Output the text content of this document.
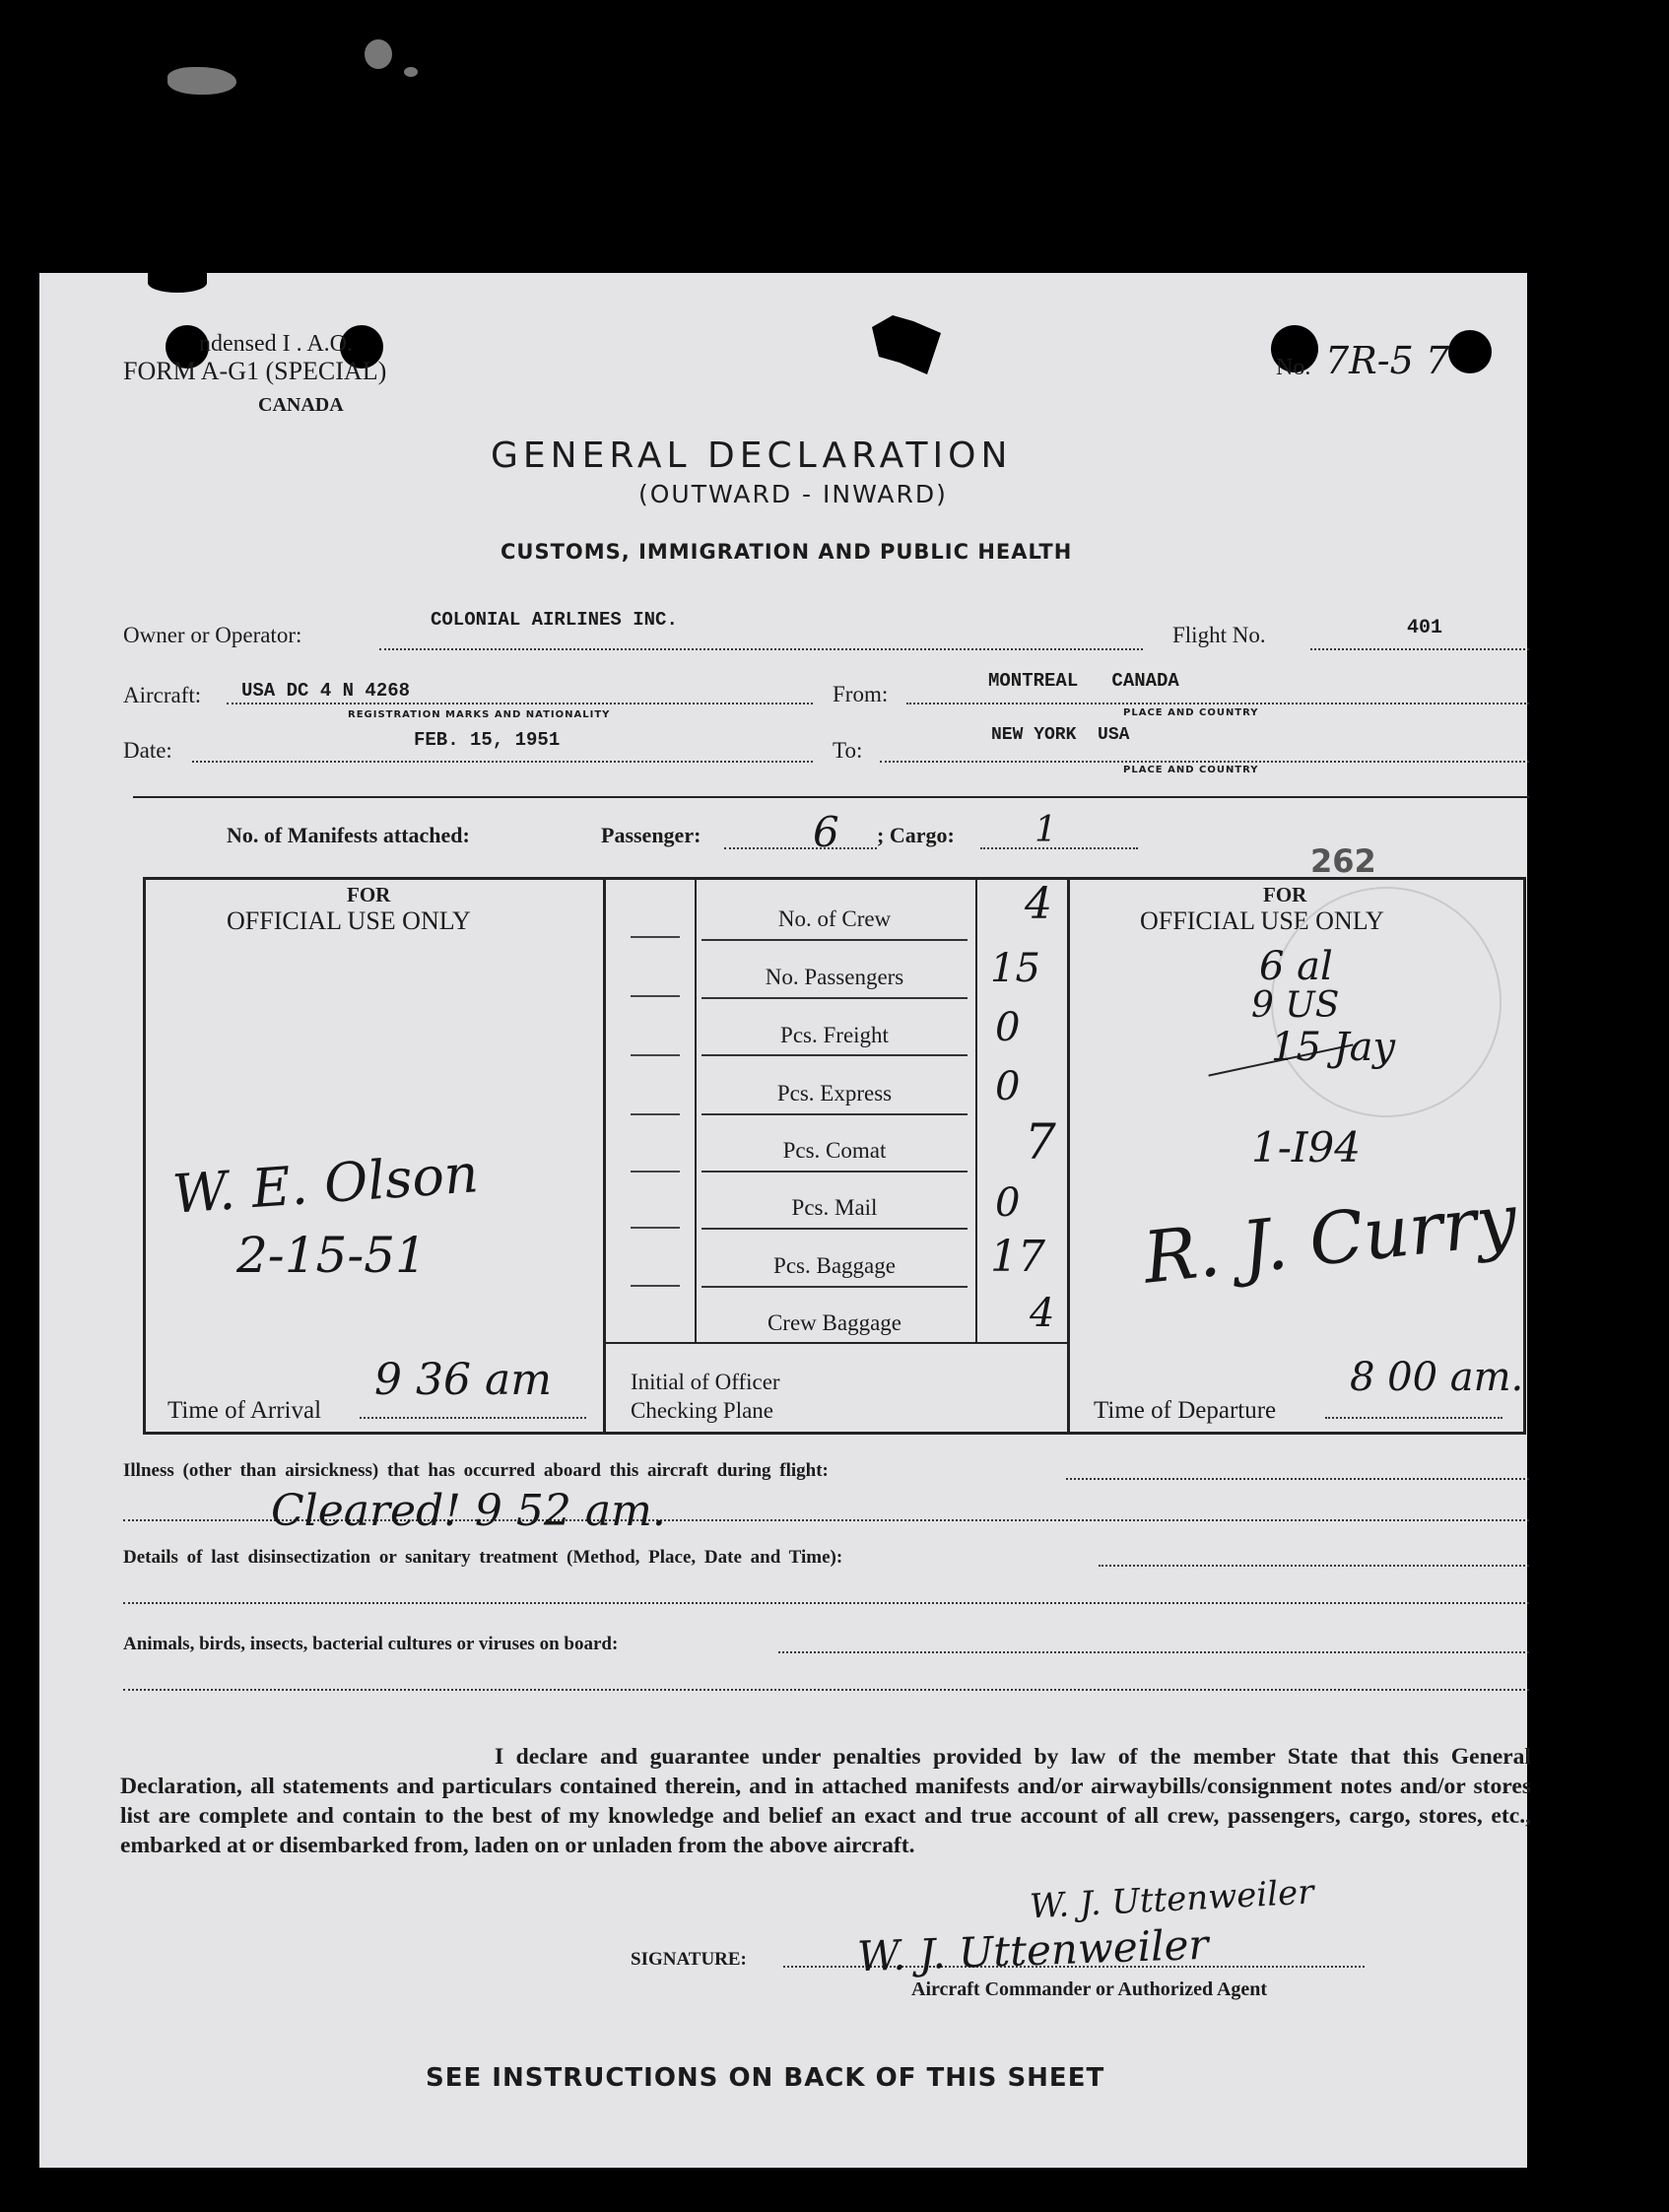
ndensed I . A.O.
FORM A-G1 (SPECIAL)
CANADA
No. 7R-5 7
GENERAL DECLARATION
(OUTWARD - INWARD)
CUSTOMS, IMMIGRATION AND PUBLIC HEALTH
Owner or Operator:
COLONIAL AIRLINES INC.
Flight No.	401
Aircraft: USA DC 4 N 4268
REGISTRATION MARKS AND NATIONALITY
From:
MONTREAL   CANADA
PLACE AND COUNTRY
Date:	FEB. 15, 1951	To:
NEW YORK  USA
PLACE AND COUNTRY
No. of Manifests attached:	Passenger:	6 ; Cargo: 1
262
FOR
OFFICIAL USE ONLY
W. E. Olson
2-15-51
Time of Arrival
9 36 am
No. of Crew	4
No. Passengers	15
Pcs. Freight	0
Pcs. Express	0
Pcs. Comat	7
Pcs. Mail	0
Pcs. Baggage	17
Crew Baggage	4
Initial of Officer
Checking Plane
FOR
OFFICIAL USE ONLY
6 al
9 US
15 Jay
1-I94
R. J. Curry
Time of Departure
8 00 am.
Illness (other than airsickness) that has occurred aboard this aircraft during flight:
Cleared! 9 52 am.
Details of last disinsectization or sanitary treatment (Method, Place, Date and Time):
Animals, birds, insects, bacterial cultures or viruses on board:
I declare and guarantee under penalties provided by law of the member State that this General Declaration, all statements and particulars contained therein, and in attached manifests and/or airwaybills/consignment notes and/or stores list are complete and contain to the best of my knowledge and belief an exact and true account of all crew, passengers, cargo, stores, etc., embarked at or disembarked from, laden on or unladen from the above aircraft.
W. J. Uttenweiler
SIGNATURE:	W. J. Uttenweiler
Aircraft Commander or Authorized Agent
SEE INSTRUCTIONS ON BACK OF THIS SHEET
